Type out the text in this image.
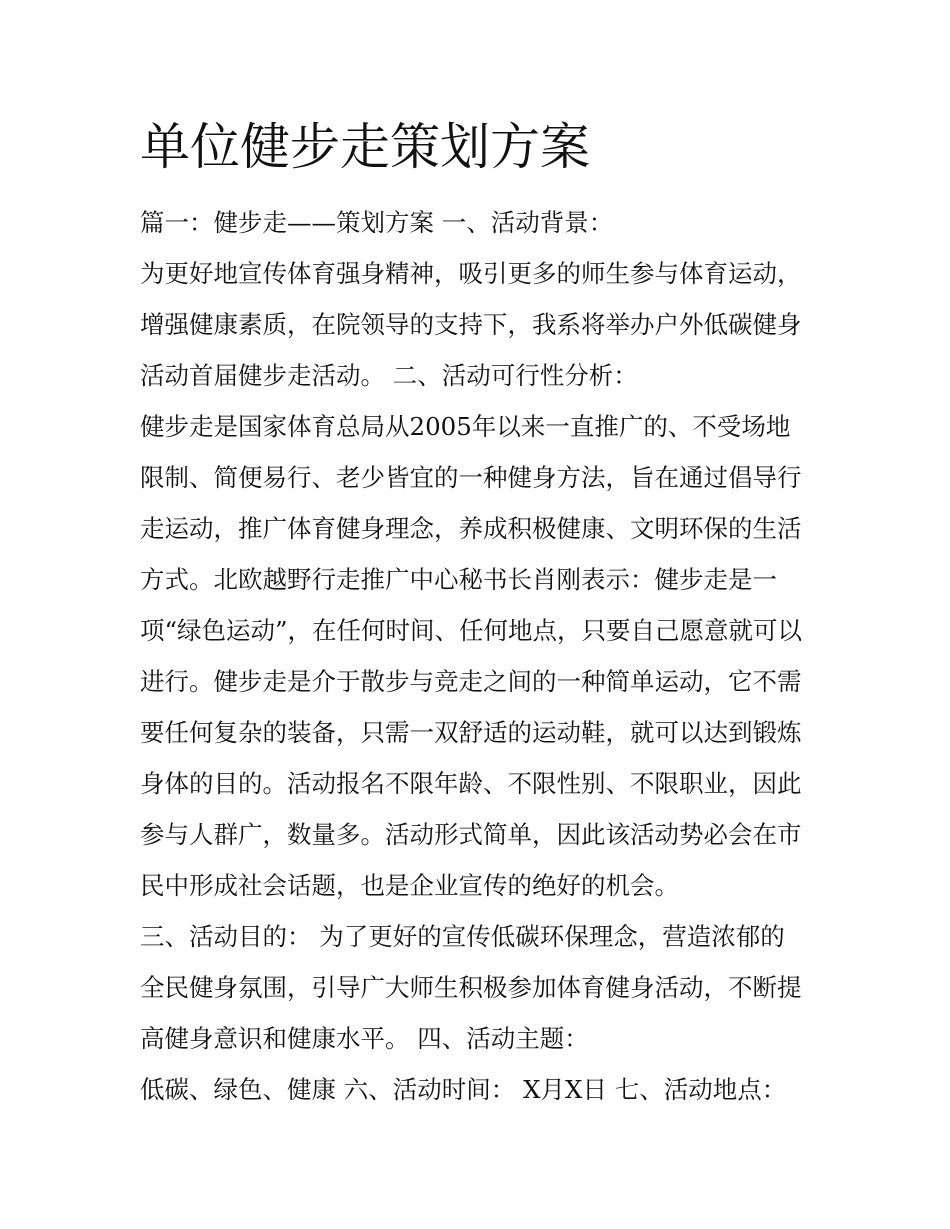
单位健步走策划方案

篇一：健步走——策划方案 一、活动背景：

为更好地宣传体育强身精神，吸引更多的师生参与体育运动，

增强健康素质，在院领导的支持下，我系将举办户外低碳健身

活动首届健步走活动。 二、活动可行性分析：

健步走是国家体育总局从2005年以来一直推广的、不受场地

限制、简便易行、老少皆宜的一种健身方法，旨在通过倡导行

走运动，推广体育健身理念，养成积极健康、文明环保的生活

方式。北欧越野行走推广中心秘书长肖刚表示：健步走是一

项“绿色运动”，在任何时间、任何地点，只要自己愿意就可以

进行。健步走是介于散步与竞走之间的一种简单运动，它不需

要任何复杂的装备，只需一双舒适的运动鞋，就可以达到锻炼

身体的目的。活动报名不限年龄、不限性别、不限职业，因此

参与人群广，数量多。活动形式简单，因此该活动势必会在市

民中形成社会话题，也是企业宣传的绝好的机会。

三、活动目的： 为了更好的宣传低碳环保理念，营造浓郁的

全民健身氛围，引导广大师生积极参加体育健身活动，不断提

高健身意识和健康水平。 四、活动主题：

低碳、绿色、健康 六、活动时间： X月X日 七、活动地点：
